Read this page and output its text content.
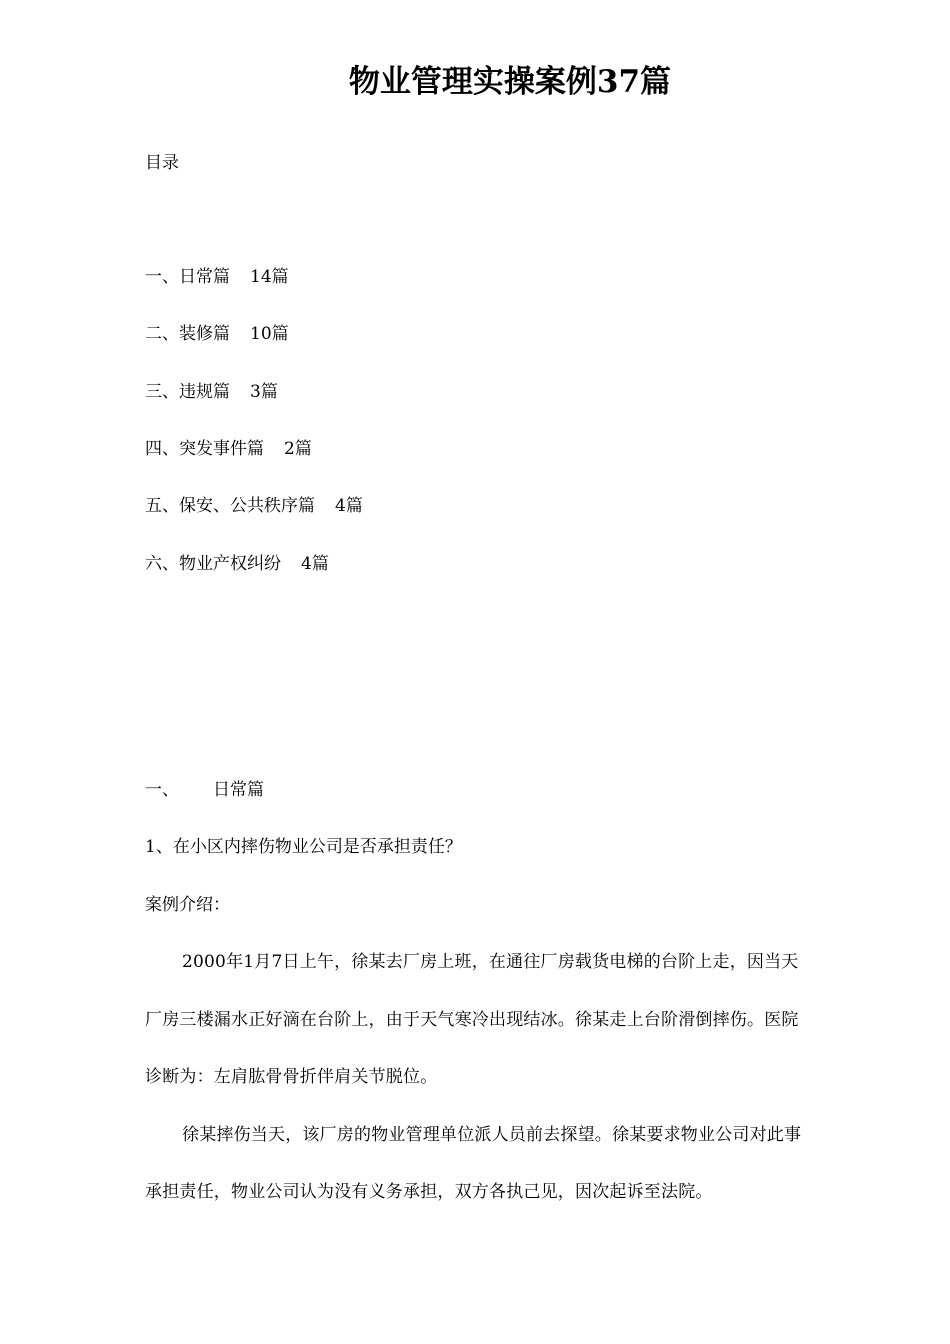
物业管理实操案例37篇
目录
一、日常篇 14篇
二、装修篇 10篇
三、违规篇 3篇
四、突发事件篇 2篇
五、保安、公共秩序篇 4篇
六、物业产权纠纷 4篇
一、 日常篇
1、在小区内摔伤物业公司是否承担责任？
案例介绍：
2000年1月7日上午，徐某去厂房上班，在通往厂房载货电梯的台阶上走，因当天
厂房三楼漏水正好滴在台阶上，由于天气寒冷出现结冰。徐某走上台阶滑倒摔伤。医院
诊断为：左肩肱骨骨折伴肩关节脱位。
徐某摔伤当天，该厂房的物业管理单位派人员前去探望。徐某要求物业公司对此事
承担责任，物业公司认为没有义务承担，双方各执己见，因次起诉至法院。
